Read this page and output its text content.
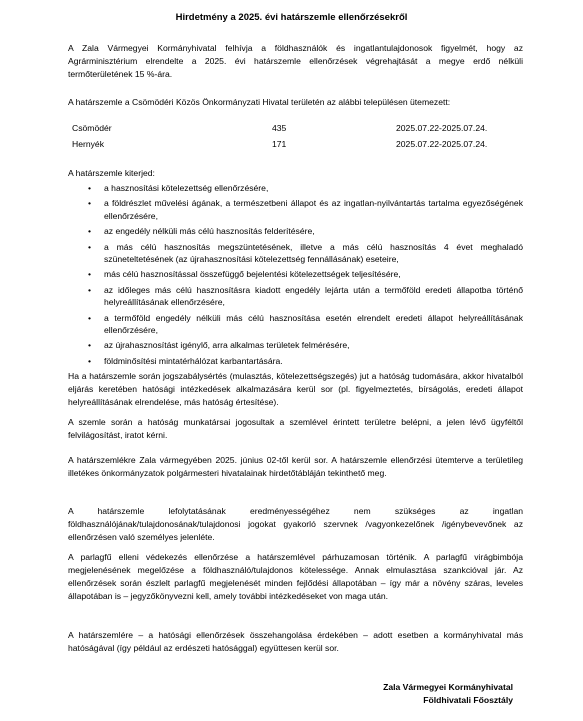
Hirdetmény a 2025. évi határszemle ellenőrzésekről

A Zala Vármegyei Kormányhivatal felhívja a földhasználók és ingatlantulajdonosok figyelmét, hogy az Agrárminisztérium elrendelte a 2025. évi határszemle ellenőrzések végrehajtását a megye erdő nélküli termőterületének 15 %-ára.

A határszemle a Csömödéri Közös Önkormányzati Hivatal területén az alábbi településen ütemezett:

Csömödér	435	2025.07.22-2025.07.24.
Hernyék	171	2025.07.22-2025.07.24.

A határszemle kiterjed:

• a hasznosítási kötelezettség ellenőrzésére,
• a földrészlet művelési ágának, a természetbeni állapot és az ingatlan-nyilvántartás tartalma egyezőségének ellenőrzésére,
• az engedély nélküli más célú hasznosítás felderítésére,
• a más célú hasznosítás megszüntetésének, illetve a más célú hasznosítás 4 évet meghaladó szüneteltetésének (az újrahasznosítási kötelezettség fennállásának) eseteire,
• más célú hasznosítással összefüggő bejelentési kötelezettségek teljesítésére,
• az időleges más célú hasznosításra kiadott engedély lejárta után a termőföld eredeti állapotba történő helyreállításának ellenőrzésére,
• a termőföld engedély nélküli más célú hasznosítása esetén elrendelt eredeti állapot helyreállításának ellenőrzésére,
• az újrahasznosítást igénylő, arra alkalmas területek felmérésére,
• földminősítési mintatérhálózat karbantartására.

Ha a határszemle során jogszabálysértés (mulasztás, kötelezettségszegés) jut a hatóság tudomására, akkor hivatalból eljárás keretében hatósági intézkedések alkalmazására kerül sor (pl. figyelmeztetés, bírságolás, eredeti állapot helyreállításának elrendelése, más hatóság értesítése).

A szemle során a hatóság munkatársai jogosultak a szemlével érintett területre belépni, a jelen lévő ügyféltől felvilágosítást, iratot kérni.

A határszemlékre Zala vármegyében 2025. június 02-től kerül sor. A határszemle ellenőrzési ütemterve a területileg illetékes önkormányzatok polgármesteri hivatalainak hirdetőtábláján tekinthető meg.

A határszemle lefolytatásának eredményességéhez nem szükséges az ingatlan földhasználójának/tulajdonosának/tulajdonosi jogokat gyakorló szervnek /vagyonkezelőnek /igénybevevőnek az ellenőrzésen való személyes jelenléte.

A parlagfű elleni védekezés ellenőrzése a határszemlével párhuzamosan történik. A parlagfű virágbimbója megjelenésének megelőzése a földhasználó/tulajdonos kötelessége. Annak elmulasztása szankcióval jár. Az ellenőrzések során észlelt parlagfű megjelenését minden fejlődési állapotában – így már a növény száras, leveles állapotában is – jegyzőkönyvezni kell, amely további intézkedéseket von maga után.

A határszemlére – a hatósági ellenőrzések összehangolása érdekében – adott esetben a kormányhivatal más hatóságával (így például az erdészeti hatósággal) együttesen kerül sor.

Zala Vármegyei Kormányhivatal
Földhivatali Főosztály
